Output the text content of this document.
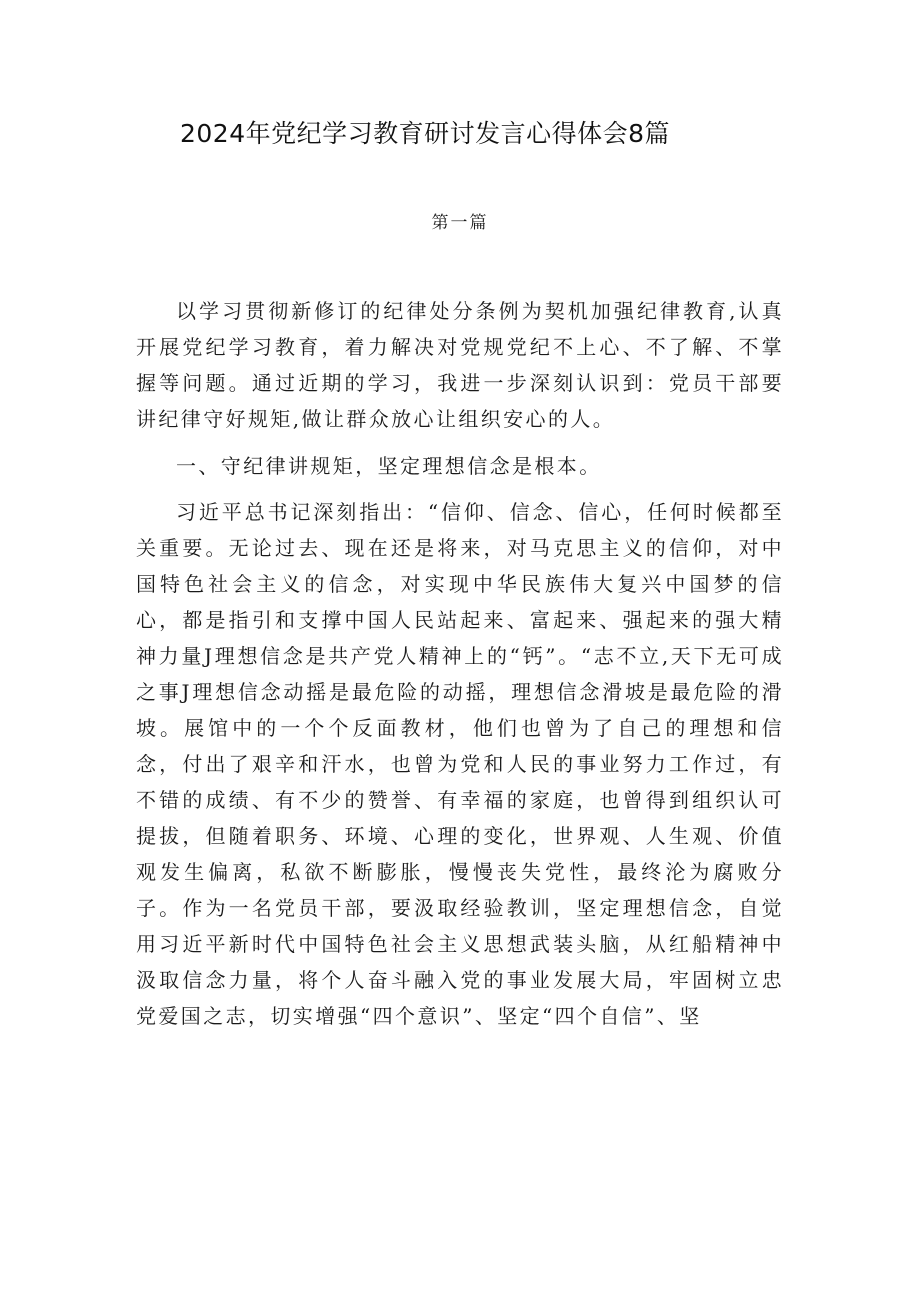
2024年党纪学习教育研讨发言心得体会8篇
第一篇

以学习贯彻新修订的纪律处分条例为契机加强纪律教育,认真开展党纪学习教育，着力解决对党规党纪不上心、不了解、不掌握等问题。通过近期的学习，我进一步深刻认识到：党员干部要讲纪律守好规矩,做让群众放心让组织安心的人。

一、守纪律讲规矩，坚定理想信念是根本。

习近平总书记深刻指出：“信仰、信念、信心，任何时候都至关重要。无论过去、现在还是将来，对马克思主义的信仰，对中国特色社会主义的信念，对实现中华民族伟大复兴中国梦的信心，都是指引和支撑中国人民站起来、富起来、强起来的强大精神力量J理想信念是共产党人精神上的“钙”。“志不立,天下无可成之事J理想信念动摇是最危险的动摇，理想信念滑坡是最危险的滑坡。展馆中的一个个反面教材，他们也曾为了自己的理想和信念，付出了艰辛和汗水，也曾为党和人民的事业努力工作过，有不错的成绩、有不少的赞誉、有幸福的家庭，也曾得到组织认可提拔，但随着职务、环境、心理的变化，世界观、人生观、价值观发生偏离，私欲不断膨胀，慢慢丧失党性，最终沦为腐败分子。作为一名党员干部，要汲取经验教训，坚定理想信念，自觉用习近平新时代中国特色社会主义思想武装头脑，从红船精神中汲取信念力量，将个人奋斗融入党的事业发展大局，牢固树立忠党爱国之志，切实增强“四个意识”、坚定“四个自信”、坚
